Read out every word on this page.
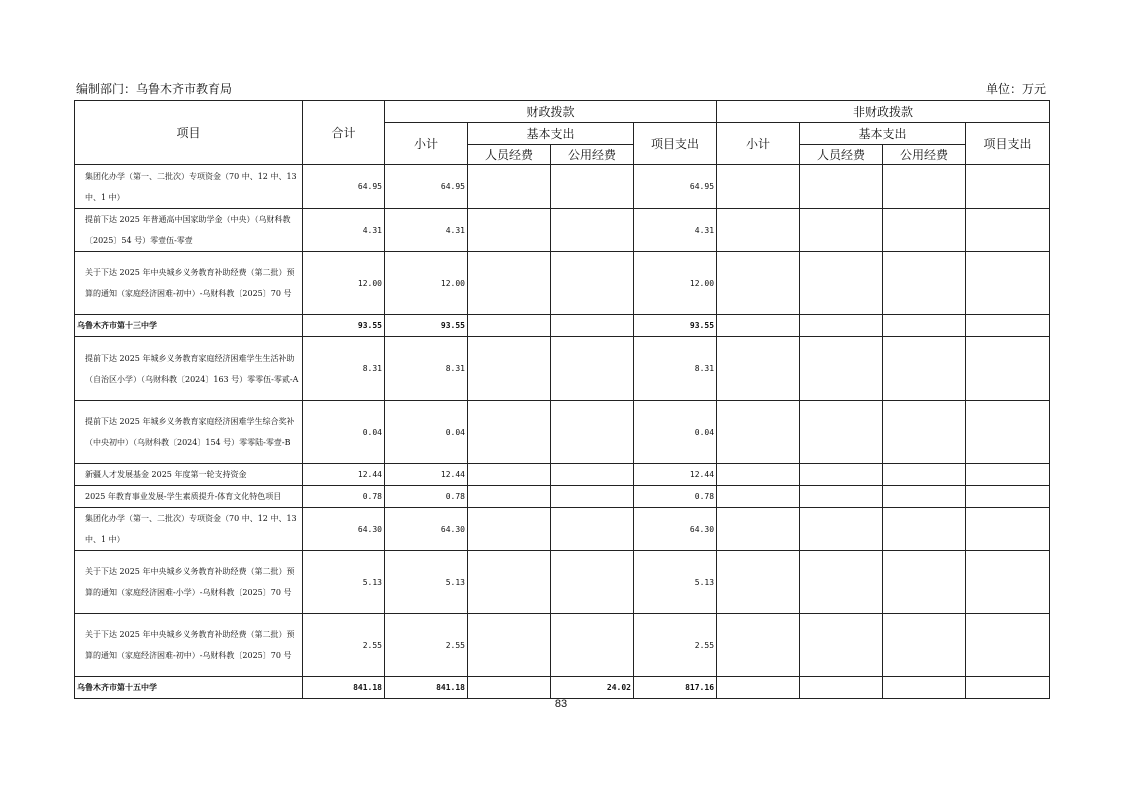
编制部门：乌鲁木齐市教育局	单位：万元
项目	合计	财政拨款				非财政拨款			
		小计	基本支出		项目支出	小计	基本支出		项目支出
			人员经费	公用经费			人员经费	公用经费	
集团化办学（第一、二批次）专项资金（70 中、12 中、13 中、1 中）	64.95	64.95			64.95				
提前下达 2025 年普通高中国家助学金（中央）（乌财科教〔2025〕54 号）零壹伍-零壹	4.31	4.31			4.31				
关于下达 2025 年中央城乡义务教育补助经费（第二批）预算的通知（家庭经济困难-初中）-乌财科教〔2025〕70 号	12.00	12.00			12.00				
乌鲁木齐市第十三中学	93.55	93.55			93.55				
提前下达 2025 年城乡义务教育家庭经济困难学生生活补助（自治区小学）（乌财科教〔2024〕163 号）零零伍-零贰-A	8.31	8.31			8.31				
提前下达 2025 年城乡义务教育家庭经济困难学生综合奖补（中央初中）（乌财科教〔2024〕154 号）零零陆-零壹-B	0.04	0.04			0.04				
新疆人才发展基金 2025 年度第一轮支持资金	12.44	12.44			12.44				
2025 年教育事业发展-学生素质提升-体育文化特色项目	0.78	0.78			0.78				
集团化办学（第一、二批次）专项资金（70 中、12 中、13 中、1 中）	64.30	64.30			64.30				
关于下达 2025 年中央城乡义务教育补助经费（第二批）预算的通知（家庭经济困难-小学）-乌财科教〔2025〕70 号	5.13	5.13			5.13				
关于下达 2025 年中央城乡义务教育补助经费（第二批）预算的通知（家庭经济困难-初中）-乌财科教〔2025〕70 号	2.55	2.55			2.55				
乌鲁木齐市第十五中学	841.18	841.18		24.02	817.16				
83
